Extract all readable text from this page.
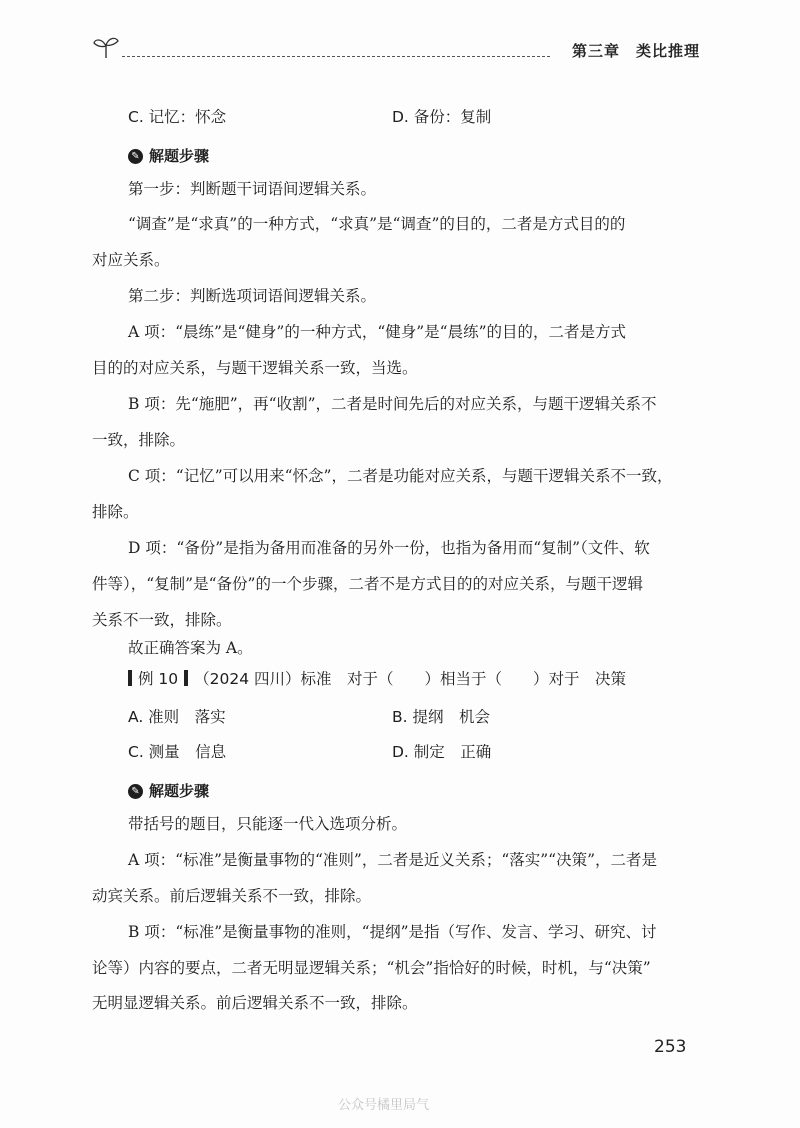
第三章 类比推理
C. 记忆：怀念	D. 备份：复制
✎ 解题步骤
第一步：判断题干词语间逻辑关系。
“调查”是“求真”的一种方式，“求真”是“调查”的目的，二者是方式目的的
对应关系。
第二步：判断选项词语间逻辑关系。
A 项：“晨练”是“健身”的一种方式，“健身”是“晨练”的目的，二者是方式
目的的对应关系，与题干逻辑关系一致，当选。
B 项：先“施肥”，再“收割”，二者是时间先后的对应关系，与题干逻辑关系不
一致，排除。
C 项：“记忆”可以用来“怀念”，二者是功能对应关系，与题干逻辑关系不一致，
排除。
D 项：“备份”是指为备用而准备的另外一份，也指为备用而“复制”（文件、软
件等），“复制”是“备份”的一个步骤，二者不是方式目的的对应关系，与题干逻辑
关系不一致，排除。
故正确答案为 A。
例 10 （2024 四川）标准　对于（　　）相当于（　　）对于　决策
A. 准则　落实	B. 提纲　机会
C. 测量　信息	D. 制定　正确
✎ 解题步骤
带括号的题目，只能逐一代入选项分析。
A 项：“标准”是衡量事物的“准则”，二者是近义关系；“落实”“决策”，二者是
动宾关系。前后逻辑关系不一致，排除。
B 项：“标准”是衡量事物的准则，“提纲”是指（写作、发言、学习、研究、讨
论等）内容的要点，二者无明显逻辑关系；“机会”指恰好的时候，时机，与“决策”
无明显逻辑关系。前后逻辑关系不一致，排除。
253
公众号橘里局气
